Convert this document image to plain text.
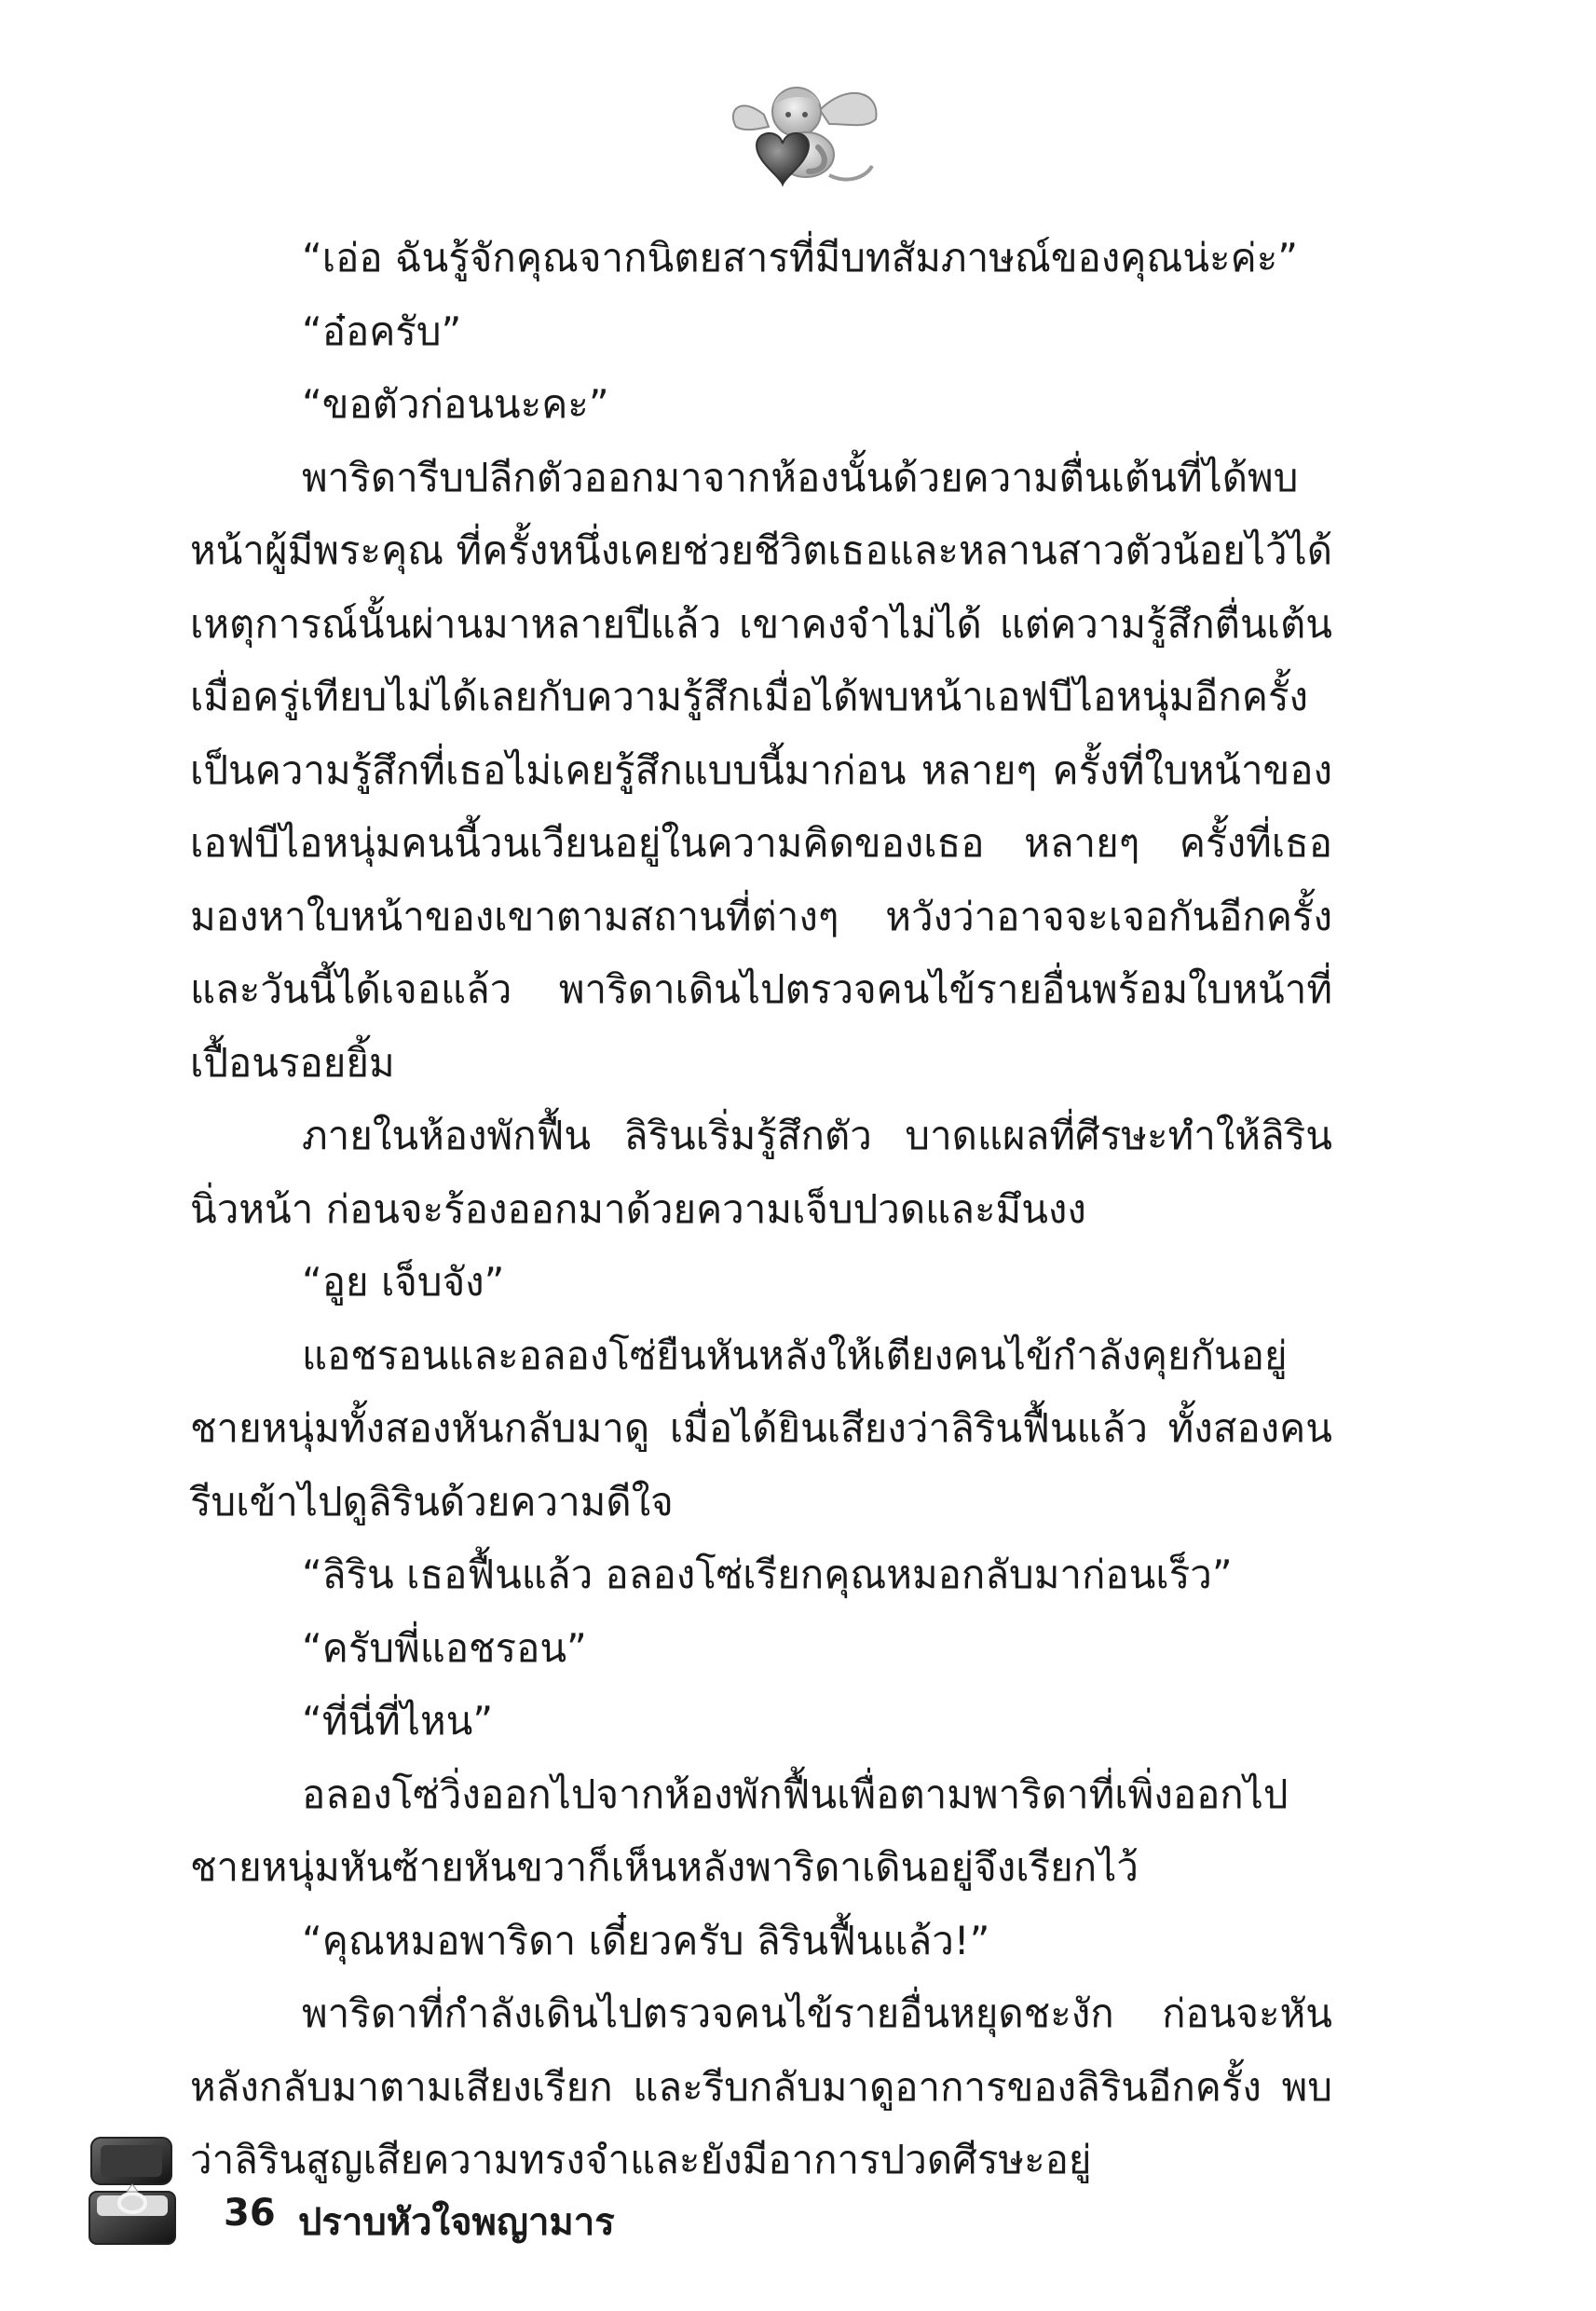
“เอ่อ ฉันรู้จักคุณจากนิตยสารที่มีบทสัมภาษณ์ของคุณน่ะค่ะ”

“อ๋อครับ”

“ขอตัวก่อนนะคะ”

พาริดารีบปลีกตัวออกมาจากห้องนั้นด้วยความตื่นเต้นที่ได้พบหน้าผู้มีพระคุณ ที่ครั้งหนึ่งเคยช่วยชีวิตเธอและหลานสาวตัวน้อยไว้ได้ เหตุการณ์นั้นผ่านมาหลายปีแล้ว เขาคงจำไม่ได้ แต่ความรู้สึกตื่นเต้นเมื่อครู่เทียบไม่ได้เลยกับความรู้สึกเมื่อได้พบหน้าเอฟบีไอหนุ่มอีกครั้ง เป็นความรู้สึกที่เธอไม่เคยรู้สึกแบบนี้มาก่อน หลายๆ ครั้งที่ใบหน้าของเอฟบีไอหนุ่มคนนี้วนเวียนอยู่ในความคิดของเธอ หลายๆ ครั้งที่เธอมองหาใบหน้าของเขาตามสถานที่ต่างๆ หวังว่าอาจจะเจอกันอีกครั้ง และวันนี้ได้เจอแล้ว พาริดาเดินไปตรวจคนไข้รายอื่นพร้อมใบหน้าที่เปื้อนรอยยิ้ม

ภายในห้องพักฟื้น ลิรินเริ่มรู้สึกตัว บาดแผลที่ศีรษะทำให้ลิรินนิ่วหน้า ก่อนจะร้องออกมาด้วยความเจ็บปวดและมึนงง

“อูย เจ็บจัง”

แอชรอนและอลองโซ่ยืนหันหลังให้เตียงคนไข้กำลังคุยกันอยู่ ชายหนุ่มทั้งสองหันกลับมาดู เมื่อได้ยินเสียงว่าลิรินฟื้นแล้ว ทั้งสองคนรีบเข้าไปดูลิรินด้วยความดีใจ

“ลิริน เธอฟื้นแล้ว อลองโซ่เรียกคุณหมอกลับมาก่อนเร็ว”

“ครับพี่แอชรอน”

“ที่นี่ที่ไหน”

อลองโซ่วิ่งออกไปจากห้องพักฟื้นเพื่อตามพาริดาที่เพิ่งออกไปชายหนุ่มหันซ้ายหันขวาก็เห็นหลังพาริดาเดินอยู่จึงเรียกไว้

“คุณหมอพาริดา เดี๋ยวครับ ลิรินฟื้นแล้ว!”

พาริดาที่กำลังเดินไปตรวจคนไข้รายอื่นหยุดชะงัก ก่อนจะหันหลังกลับมาตามเสียงเรียก และรีบกลับมาดูอาการของลิรินอีกครั้ง พบว่าลิรินสูญเสียความทรงจำและยังมีอาการปวดศีรษะอยู่

36 ปราบหัวใจพญามาร
